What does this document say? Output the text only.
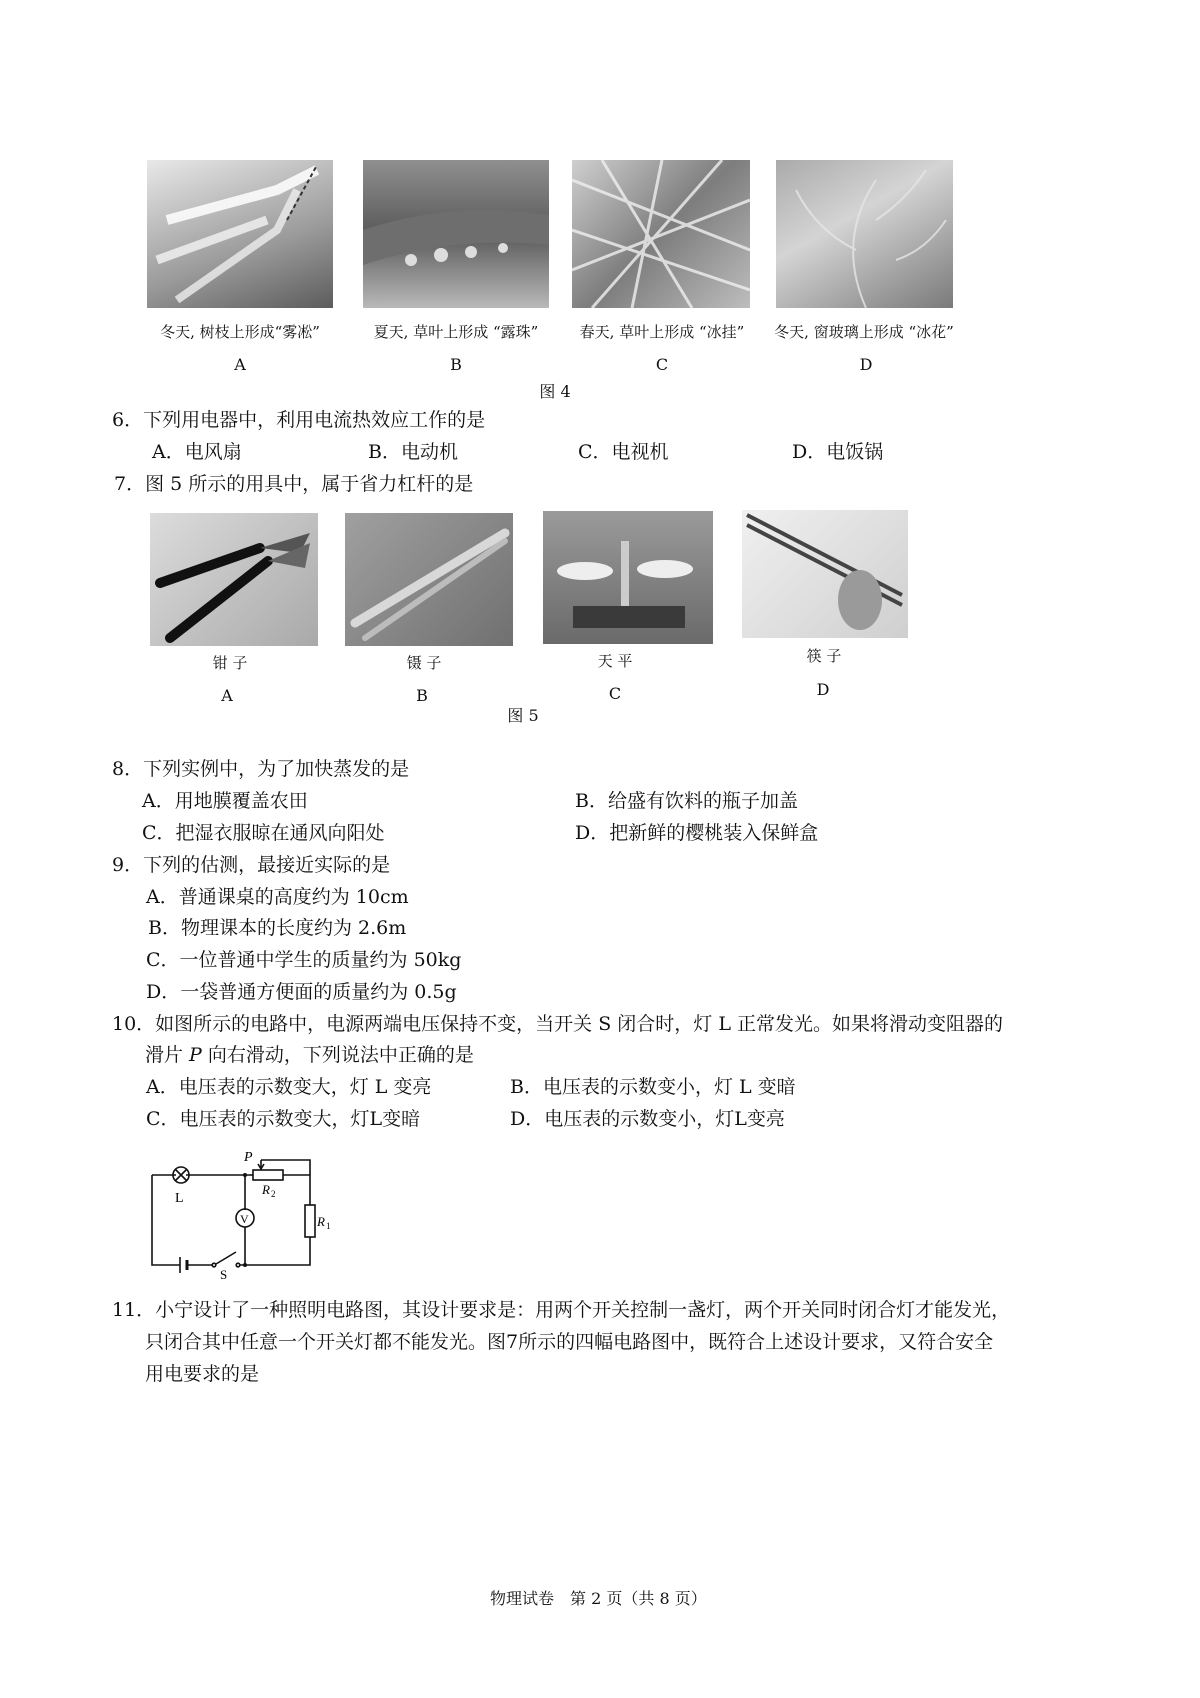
冬天, 树枝上形成“雾凇”	夏天, 草叶上形成 “露珠”	春天, 草叶上形成 “冰挂”	冬天, 窗玻璃上形成 “冰花”
A	B	C	D
图 4
6．下列用电器中，利用电流热效应工作的是
A．电风扇	B．电动机	C．电视机	D．电饭锅
7．图 5 所示的用具中，属于省力杠杆的是
钳 子	镊 子	天 平	筷 子
A	B	C	D
图 5
8．下列实例中，为了加快蒸发的是
A．用地膜覆盖农田	B．给盛有饮料的瓶子加盖
C．把湿衣服晾在通风向阳处	D．把新鲜的樱桃装入保鲜盒
9．下列的估测，最接近实际的是
A．普通课桌的高度约为 10cm
B．物理课本的长度约为 2.6m
C．一位普通中学生的质量约为 50kg
D．一袋普通方便面的质量约为 0.5g
10．如图所示的电路中，电源两端电压保持不变，当开关 S 闭合时，灯 L 正常发光。如果将滑动变阻器的
滑片 P 向右滑动，下列说法中正确的是
A．电压表的示数变大，灯 L 变亮	B．电压表的示数变小，灯 L 变暗
C．电压表的示数变大，灯L变暗	D．电压表的示数变小，灯L变亮
L
V
P
R 2
R 1
S
11．小宁设计了一种照明电路图，其设计要求是：用两个开关控制一盏灯，两个开关同时闭合灯才能发光，
只闭合其中任意一个开关灯都不能发光。图7所示的四幅电路图中，既符合上述设计要求，又符合安全
用电要求的是
物理试卷　第 2 页（共 8 页）
